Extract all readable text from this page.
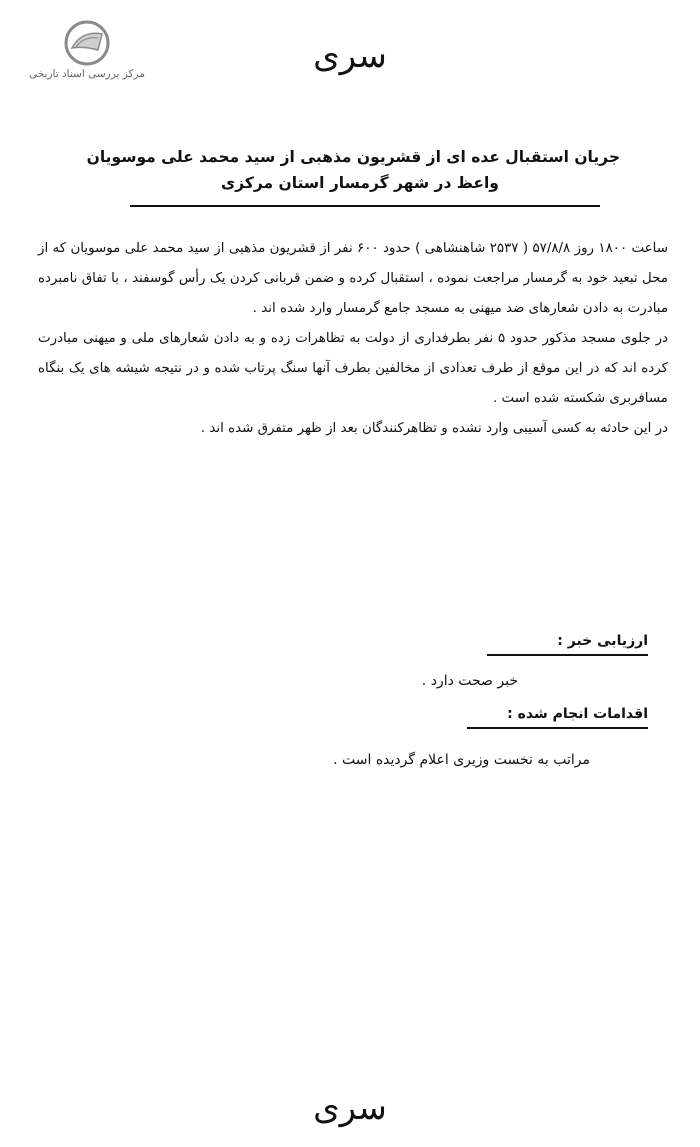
مرکز بررسی اسناد تاریخی	سری
جریان استقبال عده ای از قشریون مذهبی از سید محمد علی موسویان
واعظ در شهر گرمسار استان مرکزی

ساعت ۱۸۰۰ روز ۵۷/۸/۸ ( ۲۵۳۷ شاهنشاهی ) حدود ۶۰۰ نفر از قشریون مذهبی از سید محمد علی موسویان که از محل تبعید خود به گرمسار مراجعت نموده ، استقبال کرده و ضمن قربانی کردن یک رأس گوسفند ، با تفاق نامبرده مبادرت به دادن شعارهای ضد میهنی به مسجد جامع گرمسار وارد شده اند .

در جلوی مسجد مذکور حدود ۵ نفر بطرفداری از دولت به تظاهرات زده و به دادن شعارهای ملی و میهنی مبادرت کرده اند که در این موقع از طرف تعدادی از مخالفین بطرف آنها سنگ پرتاب شده و در نتیجه شیشه های یک بنگاه مسافربری شکسته شده است .

در این حادثه به کسی آسیبی وارد نشده و تظاهرکنندگان بعد از ظهر متفرق شده اند .

ارزیابی خبر :
خبر صحت دارد .
اقدامات انجام شده :
مراتب به نخست وزیری اعلام گردیده است .
سری
